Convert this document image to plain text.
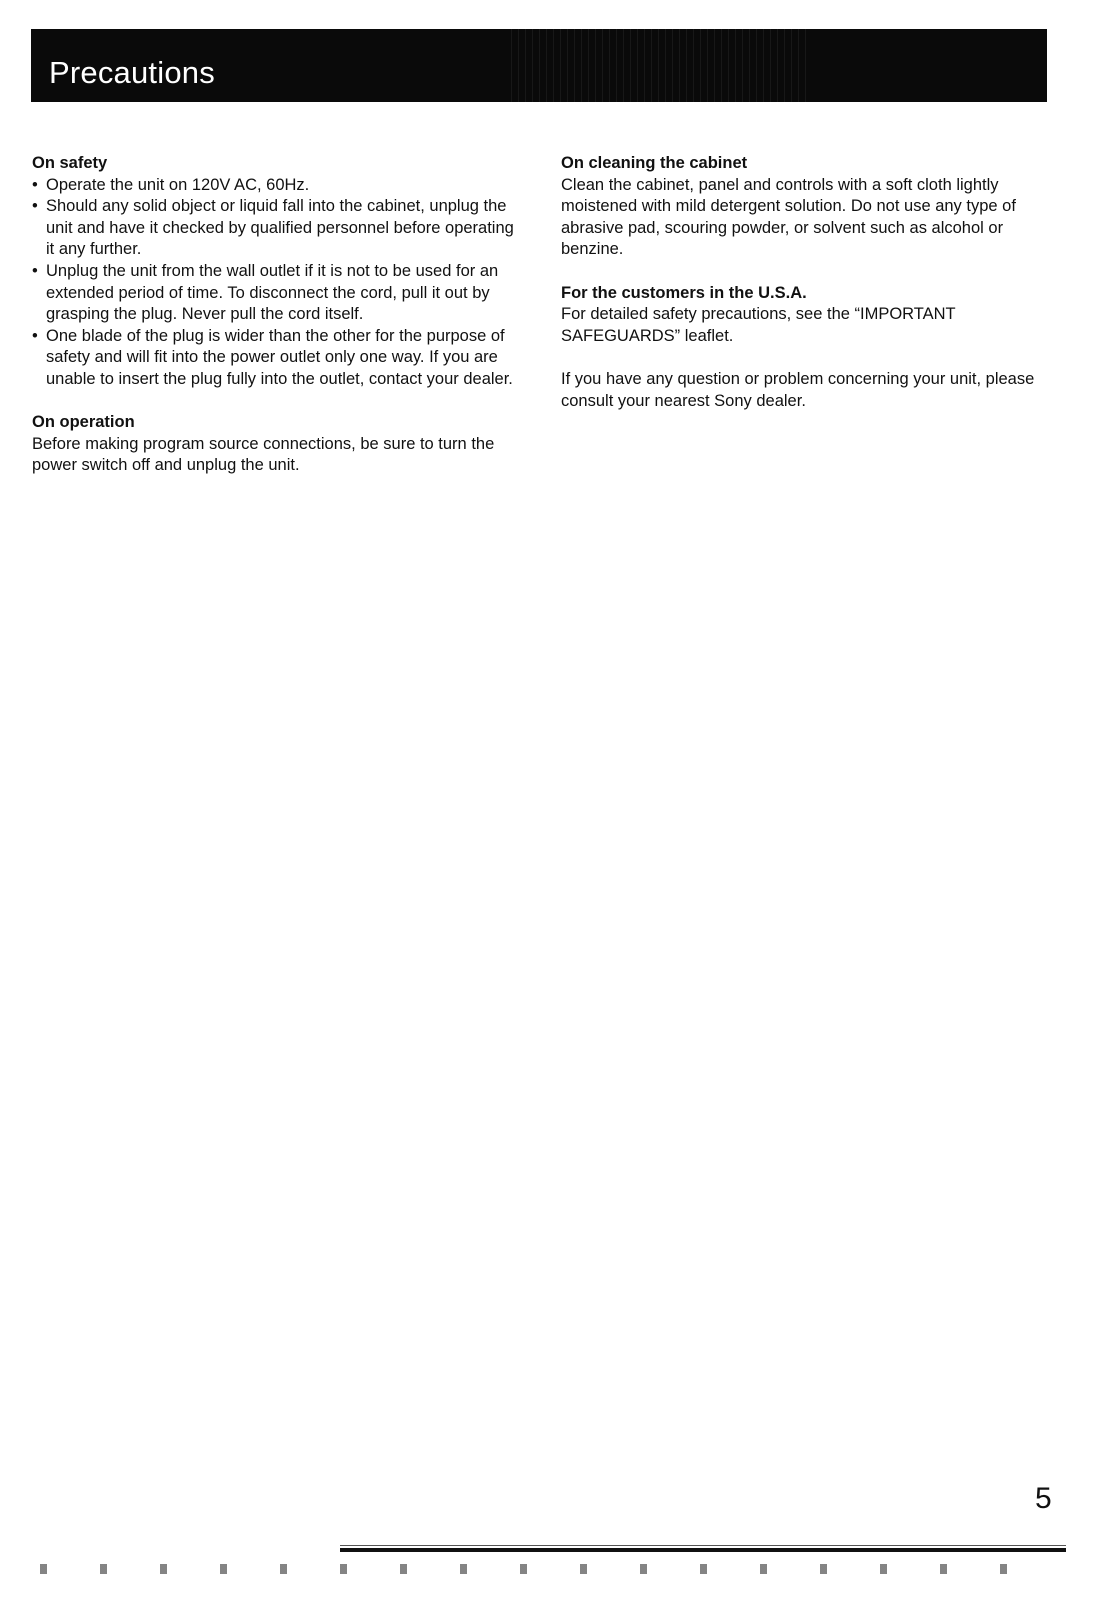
Precautions

On safety

• Operate the unit on 120V AC, 60Hz.
• Should any solid object or liquid fall into the cabinet, unplug the unit and have it checked by qualified personnel before operating it any further.
• Unplug the unit from the wall outlet if it is not to be used for an extended period of time. To disconnect the cord, pull it out by grasping the plug. Never pull the cord itself.
• One blade of the plug is wider than the other for the purpose of safety and will fit into the power outlet only one way. If you are unable to insert the plug fully into the outlet, contact your dealer.

On operation

Before making program source connections, be sure to turn the power switch off and unplug the unit.

On cleaning the cabinet

Clean the cabinet, panel and controls with a soft cloth lightly moistened with mild detergent solution. Do not use any type of abrasive pad, scouring powder, or solvent such as alcohol or benzine.

For the customers in the U.S.A.

For detailed safety precautions, see the “IMPORTANT SAFEGUARDS” leaflet.

If you have any question or problem concerning your unit, please consult your nearest Sony dealer.

5
